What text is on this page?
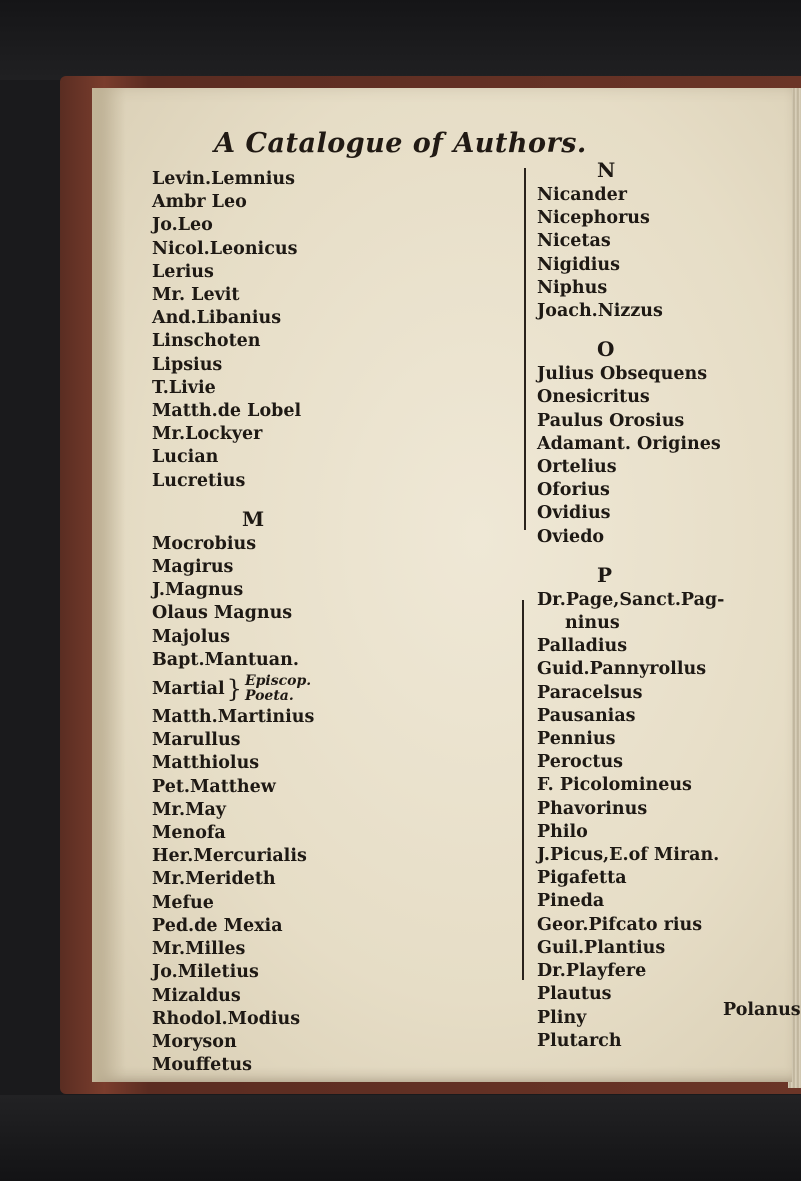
A Catalogue of Authors.
Levin.Lemnius
Ambr Leo
Jo.Leo
Nicol.Leonicus
Lerius
Mr. Levit
And.Libanius
Linschoten
Lipsius
T.Livie
Matth.de Lobel
Mr.Lockyer
Lucian
Lucretius
M
Mocrobius
Magirus
J.Magnus
Olaus Magnus
Majolus
Bapt.Mantuan.
Martial } Episcop.
Poeta.
Matth.Martinius
Marullus
Matthiolus
Pet.Matthew
Mr.May
Menofa
Her.Mercurialis
Mr.Merideth
Mefue
Ped.de Mexia
Mr.Milles
Jo.Miletius
Mizaldus
Rhodol.Modius
Moryson
Mouffetus
N
Nicander
Nicephorus
Nicetas
Nigidius
Niphus
Joach.Nizzus
O
Julius Obsequens
Onesicritus
Paulus Orosius
Adamant. Origines
Ortelius
Oforius
Ovidius
Oviedo
P
Dr.Page,Sanct.Pag-
ninus
Palladius
Guid.Pannyrollus
Paracelsus
Pausanias
Pennius
Peroctus
F. Picolomineus
Phavorinus
Philo
J.Picus,E.of Miran.
Pigafetta
Pineda
Geor.Pifcato rius
Guil.Plantius
Dr.Playfere
Plautus
Pliny
Plutarch
Polanus
